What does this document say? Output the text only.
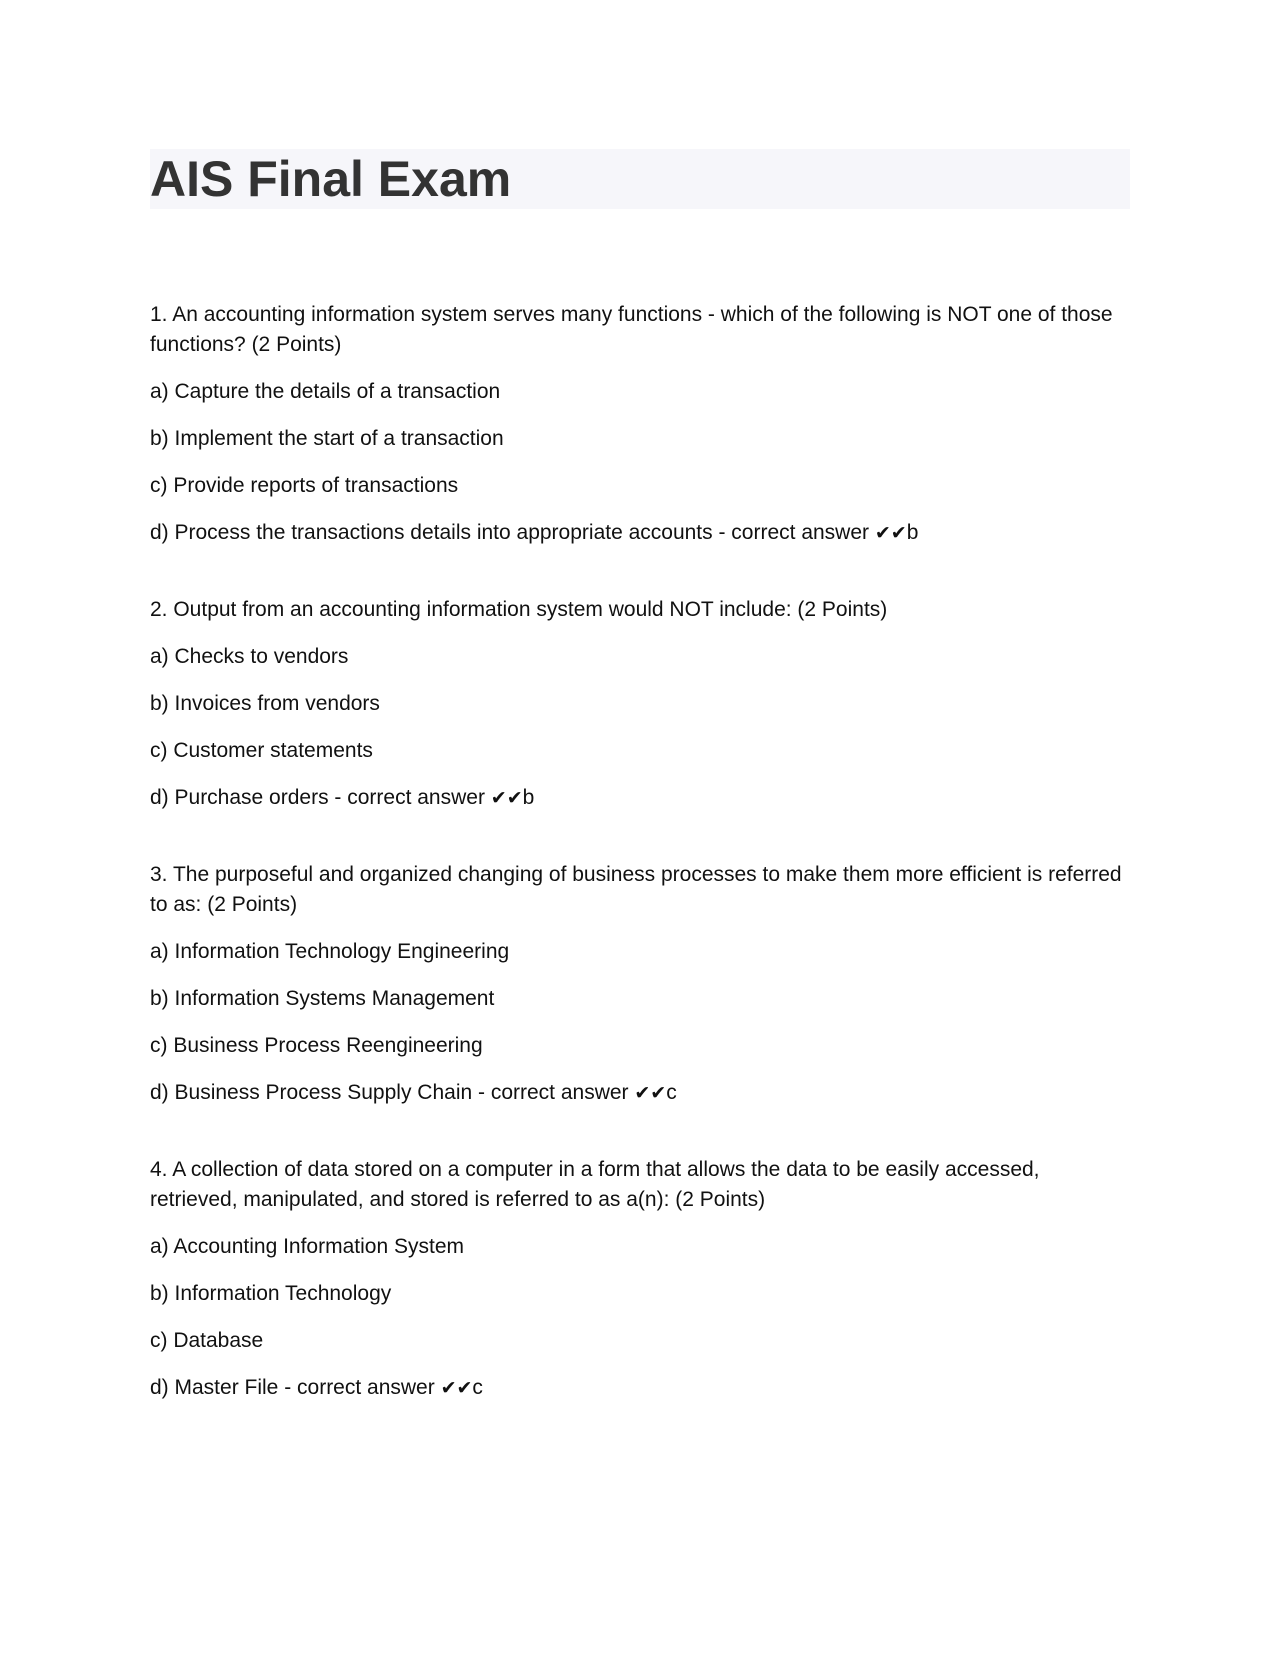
AIS Final Exam

1. An accounting information system serves many functions - which of the following is NOT one of those functions? (2 Points)

a) Capture the details of a transaction

b) Implement the start of a transaction

c) Provide reports of transactions

d) Process the transactions details into appropriate accounts - correct answer ✔✔b

2. Output from an accounting information system would NOT include: (2 Points)

a) Checks to vendors

b) Invoices from vendors

c) Customer statements

d) Purchase orders - correct answer ✔✔b

3. The purposeful and organized changing of business processes to make them more efficient is referred to as: (2 Points)

a) Information Technology Engineering

b) Information Systems Management

c) Business Process Reengineering

d) Business Process Supply Chain - correct answer ✔✔c

4. A collection of data stored on a computer in a form that allows the data to be easily accessed, retrieved, manipulated, and stored is referred to as a(n): (2 Points)

a) Accounting Information System

b) Information Technology

c) Database

d) Master File - correct answer ✔✔c
